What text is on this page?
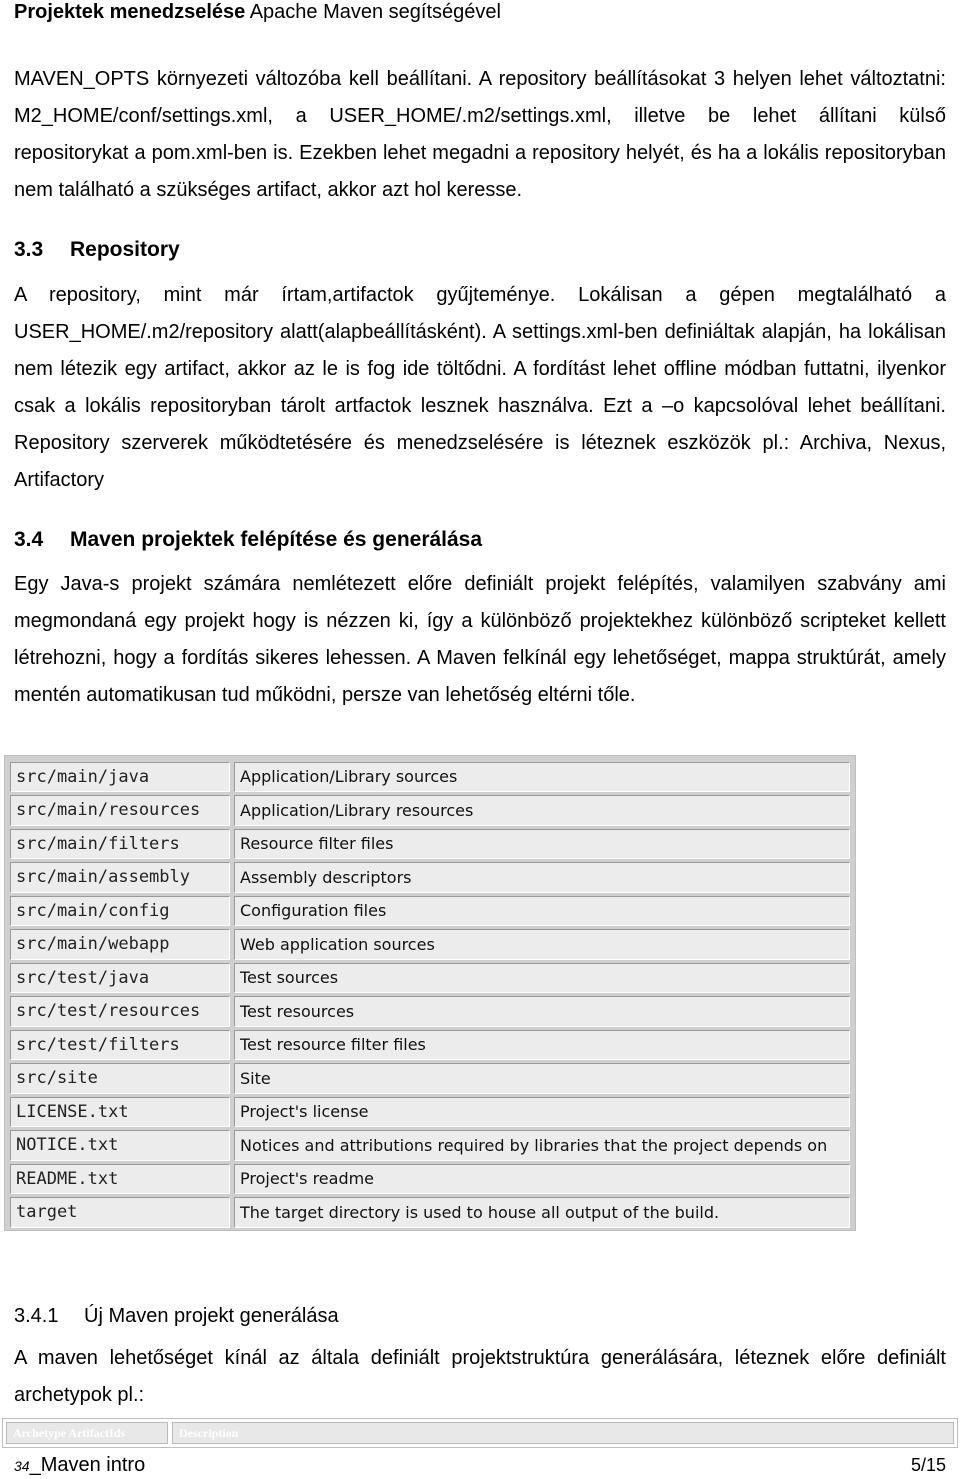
Projektek menedzselése Apache Maven segítségével
MAVEN_OPTS környezeti változóba kell beállítani. A repository beállításokat 3 helyen lehet változtatni: M2_HOME/conf/settings.xml, a USER_HOME/.m2/settings.xml, illetve be lehet állítani külső repositorykat a pom.xml-ben is. Ezekben lehet megadni a repository helyét, és ha a lokális repositoryban nem található a szükséges artifact, akkor azt hol keresse.
3.3 Repository
A repository, mint már írtam,artifactok gyűjteménye. Lokálisan a gépen megtalálható a USER_HOME/.m2/repository alatt(alapbeállításként). A settings.xml-ben definiáltak alapján, ha lokálisan nem létezik egy artifact, akkor az le is fog ide töltődni. A fordítást lehet offline módban futtatni, ilyenkor csak a lokális repositoryban tárolt artfactok lesznek használva. Ezt a –o kapcsolóval lehet beállítani. Repository szerverek működtetésére és menedzselésére is léteznek eszközök pl.: Archiva, Nexus, Artifactory
3.4 Maven projektek felépítése és generálása
Egy Java-s projekt számára nemlétezett előre definiált projekt felépítés, valamilyen szabvány ami megmondaná egy projekt hogy is nézzen ki, így a különböző projektekhez különböző scripteket kellett létrehozni, hogy a fordítás sikeres lehessen. A Maven felkínál egy lehetőséget, mappa struktúrát, amely mentén automatikusan tud működni, persze van lehetőség eltérni tőle.
src/main/java	Application/Library sources
src/main/resources	Application/Library resources
src/main/filters	Resource filter files
src/main/assembly	Assembly descriptors
src/main/config	Configuration files
src/main/webapp	Web application sources
src/test/java	Test sources
src/test/resources	Test resources
src/test/filters	Test resource filter files
src/site	Site
LICENSE.txt	Project's license
NOTICE.txt	Notices and attributions required by libraries that the project depends on
README.txt	Project's readme
target	The target directory is used to house all output of the build.
3.4.1 Új Maven projekt generálása
A maven lehetőséget kínál az általa definiált projektstruktúra generálására, léteznek előre definiált archetypok pl.:
Archetype ArtifactIds	Description
34_Maven intro	5/15
